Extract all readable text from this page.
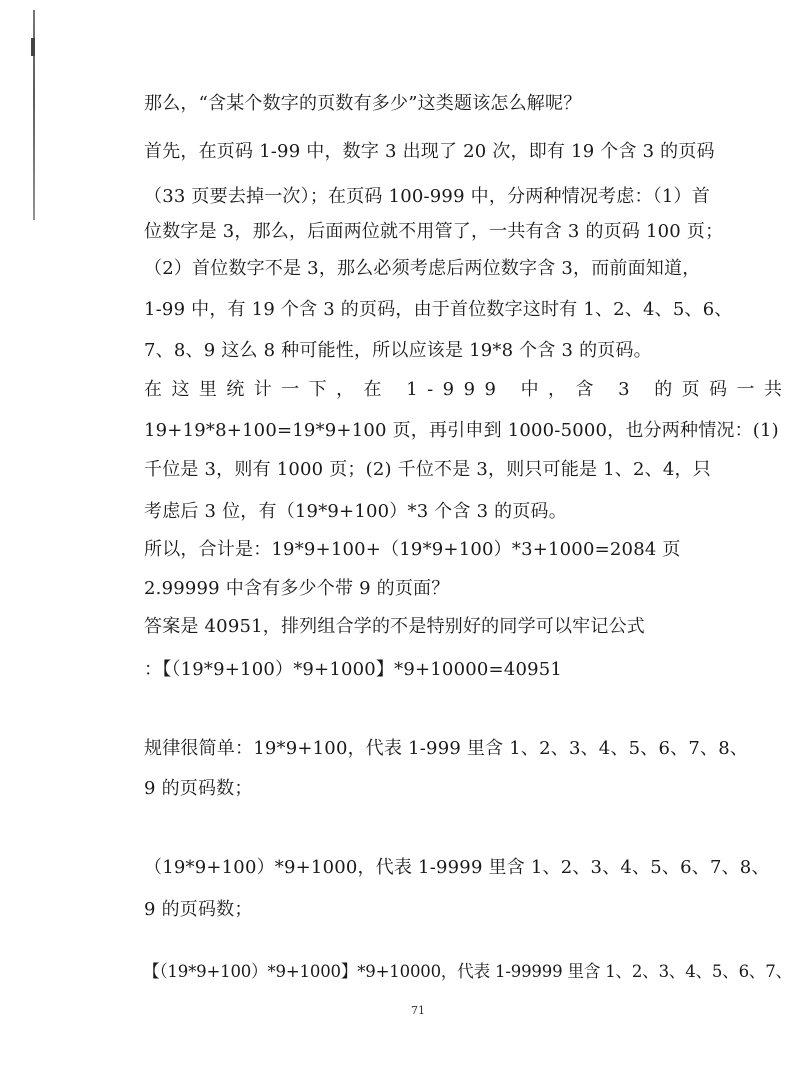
那么，“含某个数字的页数有多少”这类题该怎么解呢？
首先，在页码 1-99 中，数字 3 出现了 20 次，即有 19 个含 3 的页码
（33 页要去掉一次）；在页码 100-999 中，分两种情况考虑：（1）首
位数字是 3，那么，后面两位就不用管了，一共有含 3 的页码 100 页；
（2）首位数字不是 3，那么必须考虑后两位数字含 3，而前面知道，
1-99 中，有 19 个含 3 的页码，由于首位数字这时有 1、2、4、5、6、
7、8、9 这么 8 种可能性，所以应该是 19*8 个含 3 的页码。
在这里统计一下，在 1-999 中，含 3 的页码一共
19+19*8+100=19*9+100 页，再引申到 1000-5000，也分两种情况：(1)
千位是 3，则有 1000 页；(2) 千位不是 3，则只可能是 1、2、4，只
考虑后 3 位，有（19*9+100）*3 个含 3 的页码。
所以，合计是：19*9+100+（19*9+100）*3+1000=2084 页
2.99999 中含有多少个带 9 的页面？
答案是 40951，排列组合学的不是特别好的同学可以牢记公式
：【（19*9+100）*9+1000】*9+10000=40951
规律很简单：19*9+100，代表 1-999 里含 1、2、3、4、5、6、7、8、
9 的页码数；
（19*9+100）*9+1000，代表 1-9999 里含 1、2、3、4、5、6、7、8、
9 的页码数；
【（19*9+100）*9+1000】*9+10000，代表 1-99999 里含 1、2、3、4、5、6、7、
71
